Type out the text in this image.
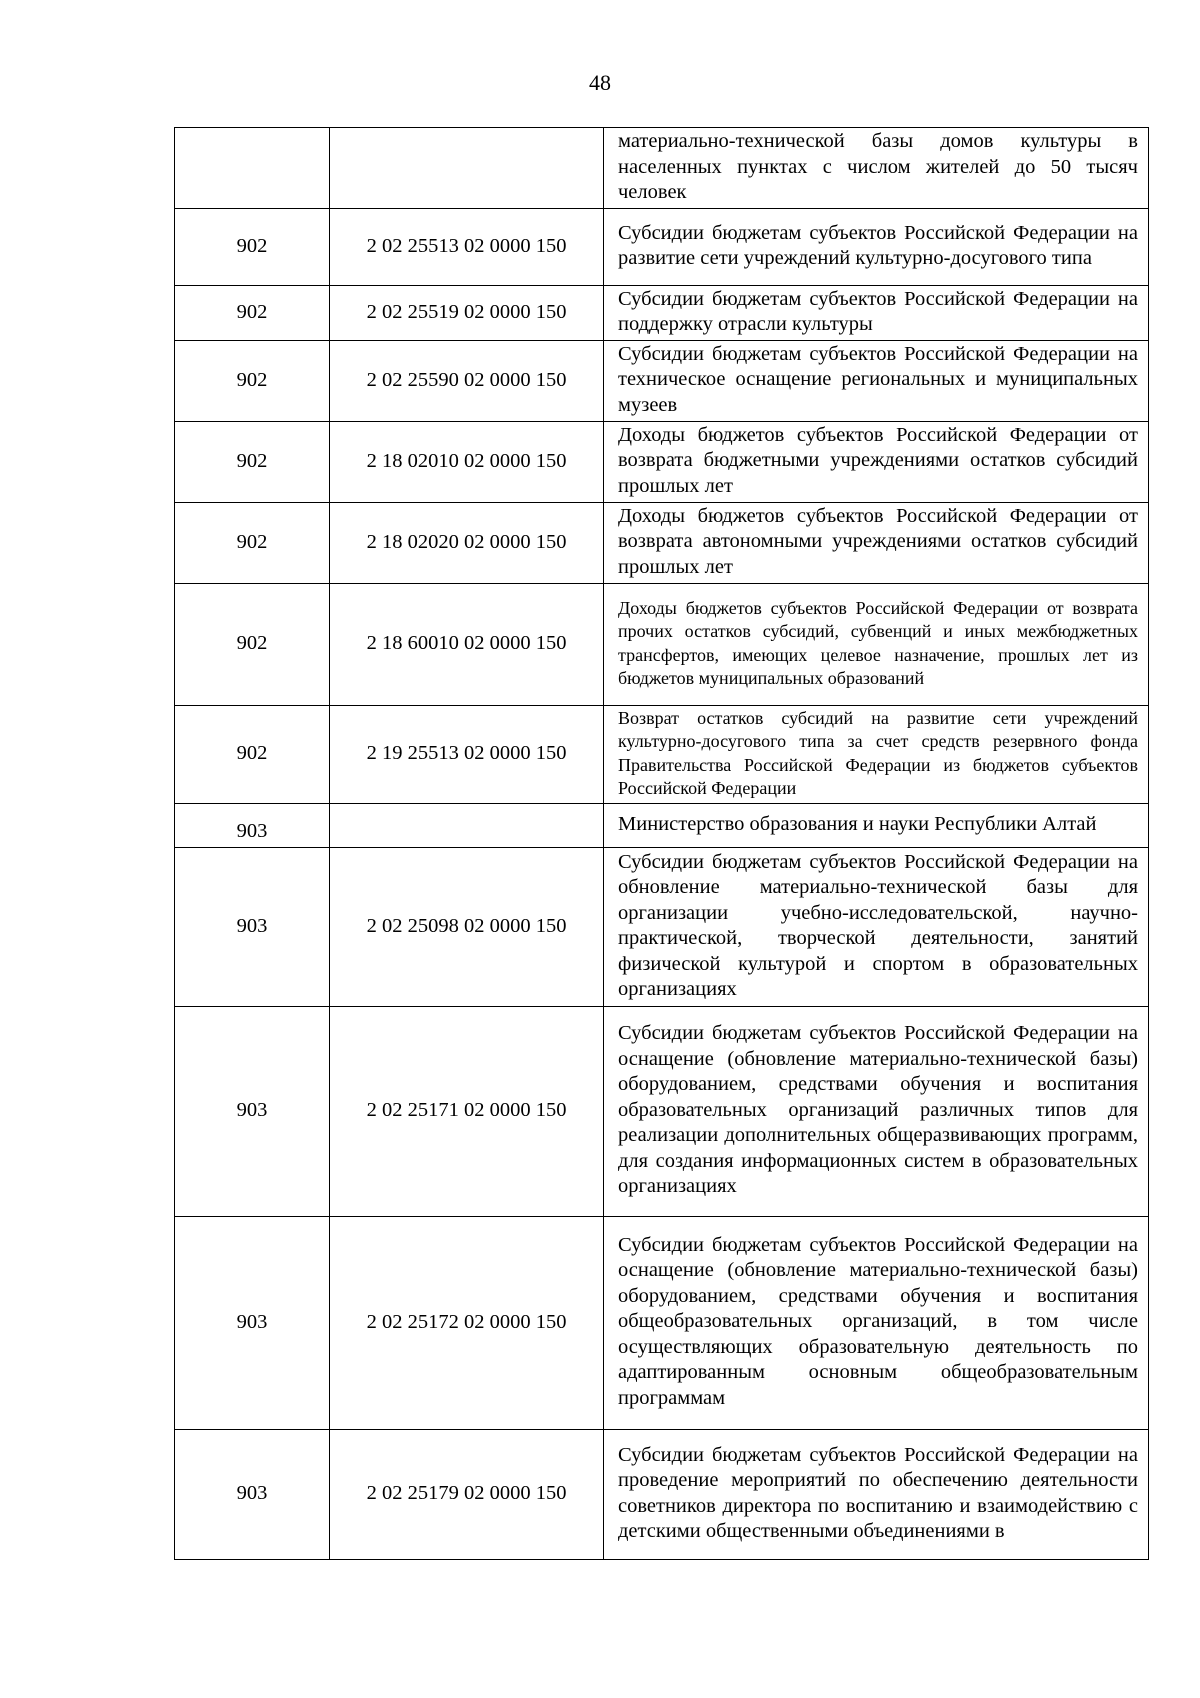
48

		материально-технической базы домов культуры в населенных пунктах с числом жителей до 50 тысяч человек

902	2 02 25513 02 0000 150	Субсидии бюджетам субъектов Российской Федерации на развитие сети учреждений культурно-досугового типа

902	2 02 25519 02 0000 150	Субсидии бюджетам субъектов Российской Федерации на поддержку отрасли культуры

902	2 02 25590 02 0000 150	Субсидии бюджетам субъектов Российской Федерации на техническое оснащение региональных и муниципальных музеев

902	2 18 02010 02 0000 150	Доходы бюджетов субъектов Российской Федерации от возврата бюджетными учреждениями остатков субсидий прошлых лет

902	2 18 02020 02 0000 150	Доходы бюджетов субъектов Российской Федерации от возврата автономными учреждениями остатков субсидий прошлых лет

902	2 18 60010 02 0000 150	Доходы бюджетов субъектов Российской Федерации от возврата прочих остатков субсидий, субвенций и иных межбюджетных трансфертов, имеющих целевое назначение, прошлых лет из бюджетов муниципальных образований

902	2 19 25513 02 0000 150	Возврат остатков субсидий на развитие сети учреждений культурно-досугового типа за счет средств резервного фонда Правительства Российской Федерации из бюджетов субъектов Российской Федерации

903		Министерство образования и науки Республики Алтай

903	2 02 25098 02 0000 150	Субсидии бюджетам субъектов Российской Федерации на обновление материально-технической базы для организации учебно-исследовательской, научно-практической, творческой деятельности, занятий физической культурой и спортом в образовательных организациях

903	2 02 25171 02 0000 150	Субсидии бюджетам субъектов Российской Федерации на оснащение (обновление материально-технической базы) оборудованием, средствами обучения и воспитания образовательных организаций различных типов для реализации дополнительных общеразвивающих программ, для создания информационных систем в образовательных организациях

903	2 02 25172 02 0000 150	Субсидии бюджетам субъектов Российской Федерации на оснащение (обновление материально-технической базы) оборудованием, средствами обучения и воспитания общеобразовательных организаций, в том числе осуществляющих образовательную деятельность по адаптированным основным общеобразовательным программам

903	2 02 25179 02 0000 150	Субсидии бюджетам субъектов Российской Федерации на проведение мероприятий по обеспечению деятельности советников директора по воспитанию и взаимодействию с детскими общественными объединениями в
